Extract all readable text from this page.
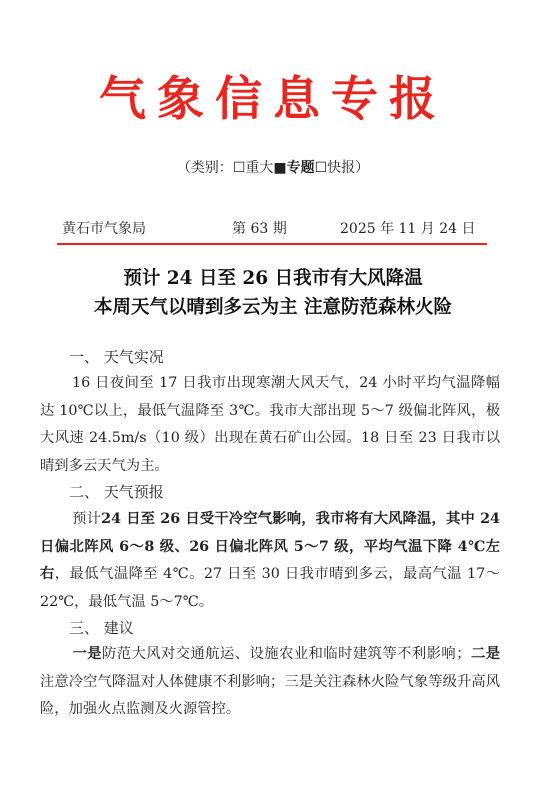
气象信息专报
（类别：☐重大■专题☐快报）
黄石市气象局	第 63 期	2025 年 11 月 24 日
预计 24 日至 26 日我市有大风降温
本周天气以晴到多云为主 注意防范森林火险
一、 天气实况
16 日夜间至 17 日我市出现寒潮大风天气，24 小时平均气温降幅达 10℃以上，最低气温降至 3℃。我市大部出现 5～7 级偏北阵风，极大风速 24.5m/s（10 级）出现在黄石矿山公园。18 日至 23 日我市以晴到多云天气为主。
二、 天气预报
预计24 日至 26 日受干冷空气影响，我市将有大风降温，其中 24 日偏北阵风 6～8 级、26 日偏北阵风 5～7 级，平均气温下降 4℃左右，最低气温降至 4℃。27 日至 30 日我市晴到多云，最高气温 17～22℃，最低气温 5～7℃。
三、 建议
一是防范大风对交通航运、设施农业和临时建筑等不利影响；二是注意冷空气降温对人体健康不利影响；三是关注森林火险气象等级升高风险，加强火点监测及火源管控。
